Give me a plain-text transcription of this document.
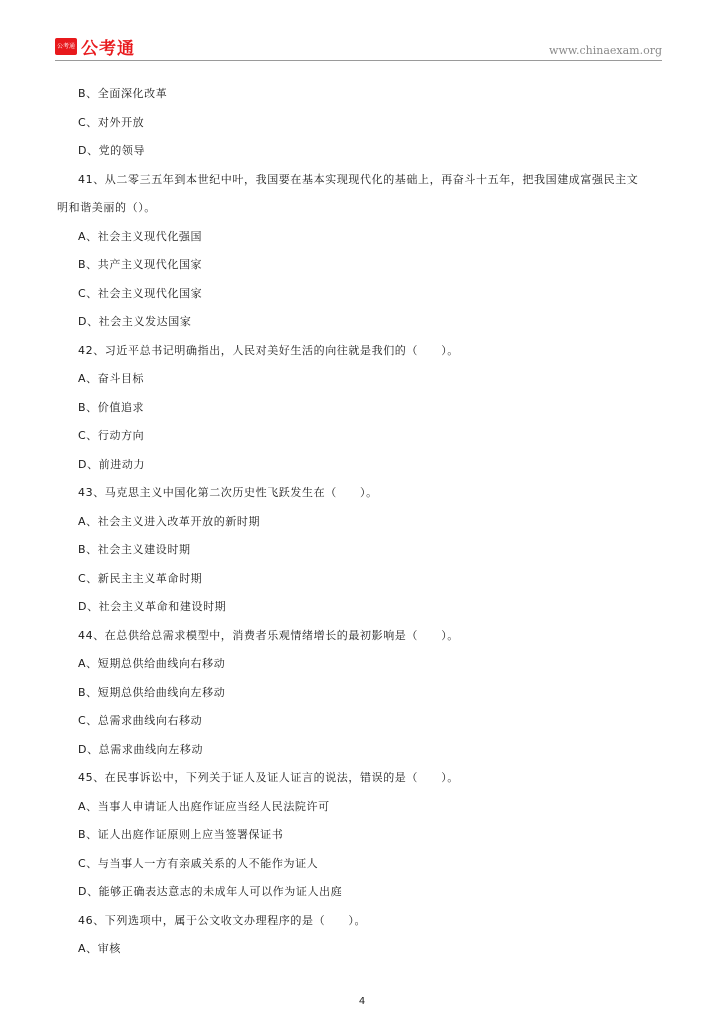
公考通 公考通	www.chinaexam.org
B、全面深化改革
C、对外开放
D、党的领导
41、从二零三五年到本世纪中叶，我国要在基本实现现代化的基础上，再奋斗十五年，把我国建成富强民主文
明和谐美丽的（）。
A、社会主义现代化强国
B、共产主义现代化国家
C、社会主义现代化国家
D、社会主义发达国家
42、习近平总书记明确指出，人民对美好生活的向往就是我们的（　　）。
A、奋斗目标
B、价值追求
C、行动方向
D、前进动力
43、马克思主义中国化第二次历史性飞跃发生在（　　）。
A、社会主义进入改革开放的新时期
B、社会主义建设时期
C、新民主主义革命时期
D、社会主义革命和建设时期
44、在总供给总需求模型中，消费者乐观情绪增长的最初影响是（　　）。
A、短期总供给曲线向右移动
B、短期总供给曲线向左移动
C、总需求曲线向右移动
D、总需求曲线向左移动
45、在民事诉讼中，下列关于证人及证人证言的说法，错误的是（　　）。
A、当事人申请证人出庭作证应当经人民法院许可
B、证人出庭作证原则上应当签署保证书
C、与当事人一方有亲戚关系的人不能作为证人
D、能够正确表达意志的未成年人可以作为证人出庭
46、下列选项中，属于公文收文办理程序的是（　　）。
A、审核
4
